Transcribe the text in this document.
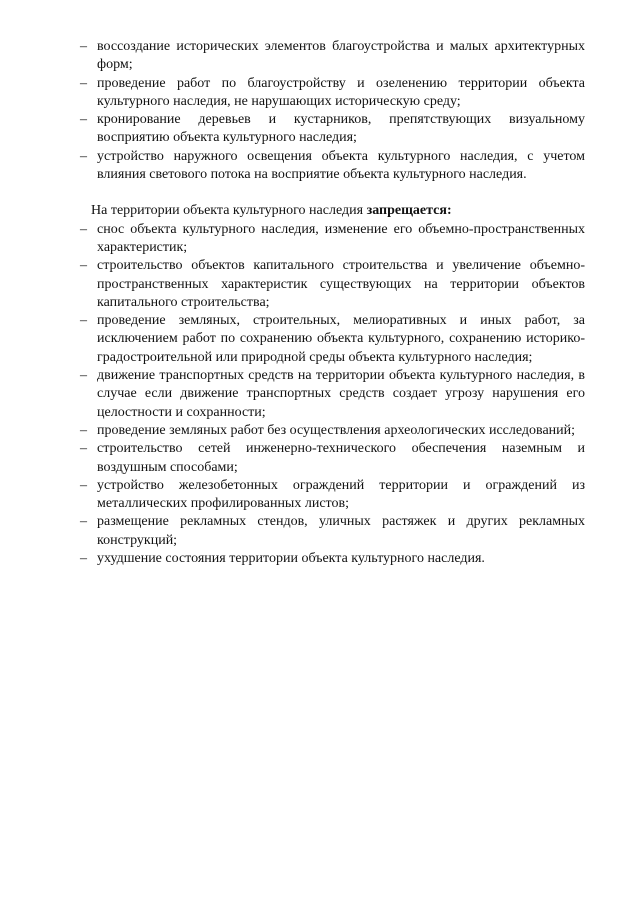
– воссоздание исторических элементов благоустройства и малых архитектурных форм;
– проведение работ по благоустройству и озеленению территории объекта культурного наследия, не нарушающих историческую среду;
– кронирование деревьев и кустарников, препятствующих визуальному восприятию объекта культурного наследия;
– устройство наружного освещения объекта культурного наследия, с учетом влияния светового потока на восприятие объекта культурного наследия.

На территории объекта культурного наследия запрещается:

– снос объекта культурного наследия, изменение его объемно-пространственных характеристик;
– строительство объектов капитального строительства и увеличение объемно-пространственных характеристик существующих на территории объектов капитального строительства;
– проведение земляных, строительных, мелиоративных и иных работ, за исключением работ по сохранению объекта культурного, сохранению историко-градостроительной или природной среды объекта культурного наследия;
– движение транспортных средств на территории объекта культурного наследия, в случае если движение транспортных средств создает угрозу нарушения его целостности и сохранности;
– проведение земляных работ без осуществления археологических исследований;
– строительство сетей инженерно-технического обеспечения наземным и воздушным способами;
– устройство железобетонных ограждений территории и ограждений из металлических профилированных листов;
– размещение рекламных стендов, уличных растяжек и других рекламных конструкций;
– ухудшение состояния территории объекта культурного наследия.
